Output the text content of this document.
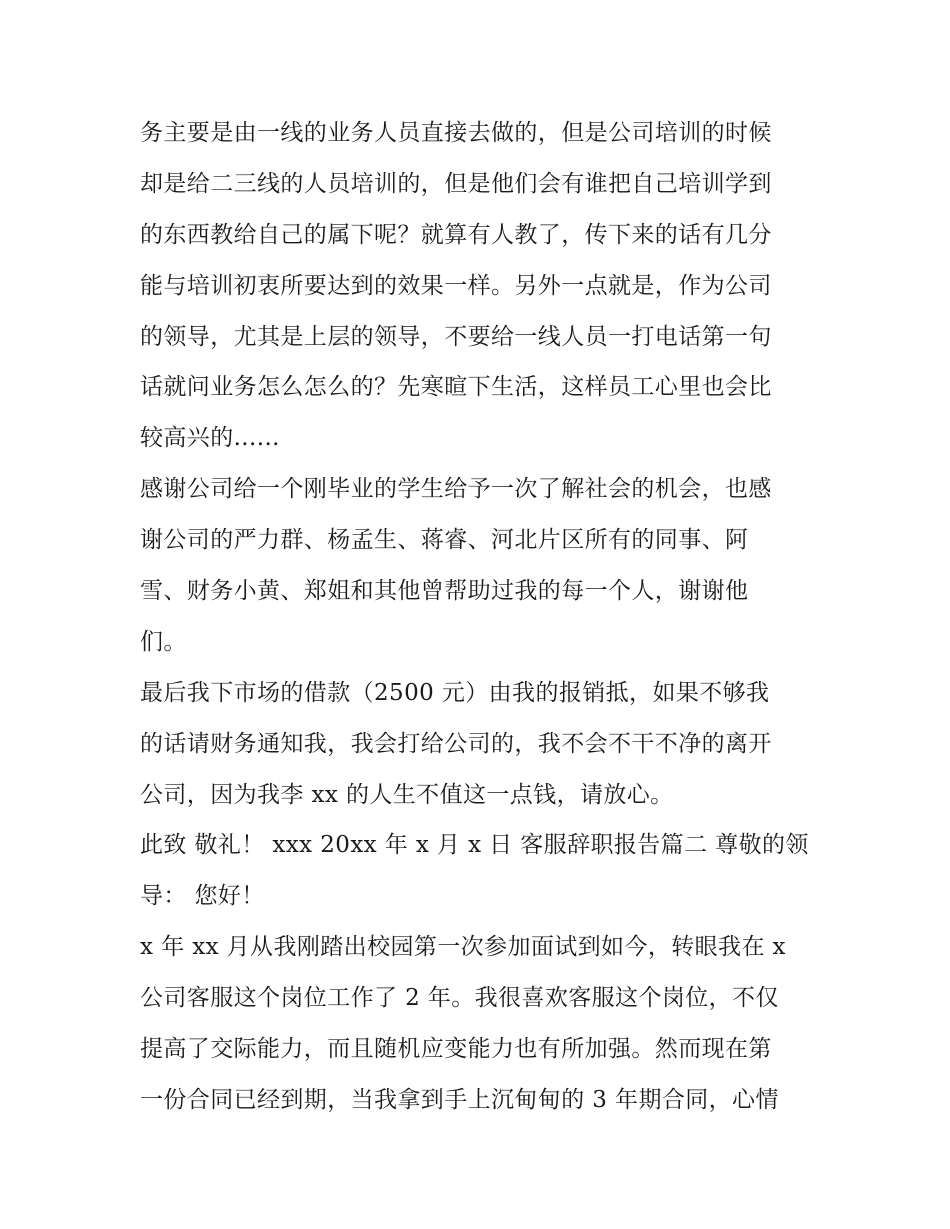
务主要是由一线的业务人员直接去做的，但是公司培训的时候
却是给二三线的人员培训的，但是他们会有谁把自己培训学到
的东西教给自己的属下呢？就算有人教了，传下来的话有几分
能与培训初衷所要达到的效果一样。另外一点就是，作为公司
的领导，尤其是上层的领导，不要给一线人员一打电话第一句
话就问业务怎么怎么的？先寒暄下生活，这样员工心里也会比
较高兴的......
感谢公司给一个刚毕业的学生给予一次了解社会的机会，也感
谢公司的严力群、杨孟生、蒋睿、河北片区所有的同事、阿
雪、财务小黄、郑姐和其他曾帮助过我的每一个人，谢谢他
们。
最后我下市场的借款（2500 元）由我的报销抵，如果不够我
的话请财务通知我，我会打给公司的，我不会不干不净的离开
公司，因为我李 xx 的人生不值这一点钱，请放心。
此致 敬礼！ xxx 20xx 年 x 月 x 日 客服辞职报告篇二 尊敬的领
导： 您好！
x 年 xx 月从我刚踏出校园第一次参加面试到如今，转眼我在 x
公司客服这个岗位工作了 2 年。我很喜欢客服这个岗位，不仅
提高了交际能力，而且随机应变能力也有所加强。然而现在第
一份合同已经到期，当我拿到手上沉甸甸的 3 年期合同，心情
